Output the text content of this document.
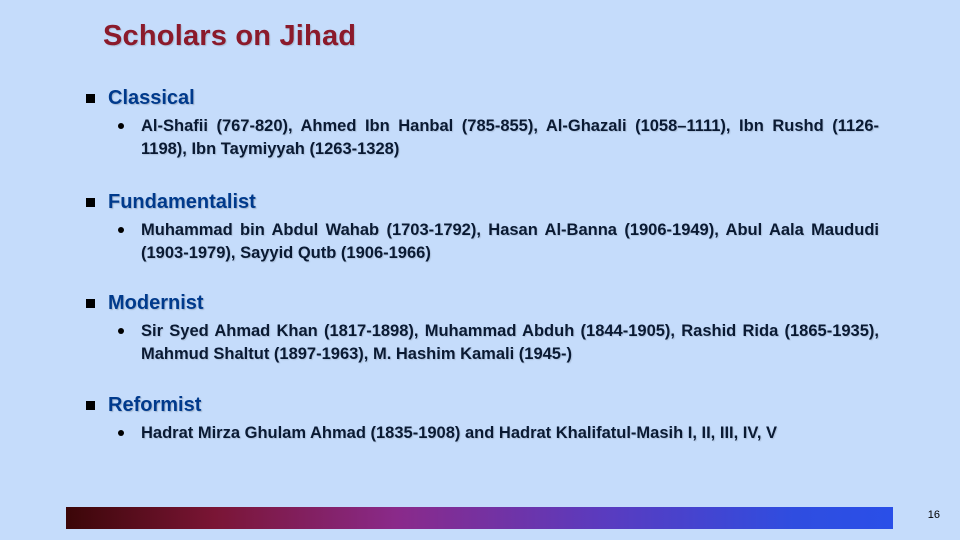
Scholars on Jihad
Classical
Al-Shafii (767-820), Ahmed Ibn Hanbal (785-855), Al-Ghazali (1058–1111), Ibn Rushd (1126-1198), Ibn Taymiyyah (1263-1328)
Fundamentalist
Muhammad bin Abdul Wahab (1703-1792), Hasan Al-Banna (1906-1949), Abul Aala Maududi (1903-1979), Sayyid Qutb (1906-1966)
Modernist
Sir Syed Ahmad Khan (1817-1898), Muhammad Abduh (1844-1905), Rashid Rida (1865-1935), Mahmud Shaltut (1897-1963), M. Hashim Kamali (1945-)
Reformist
Hadrat Mirza Ghulam Ahmad (1835-1908) and Hadrat Khalifatul-Masih I, II, III, IV, V
16
